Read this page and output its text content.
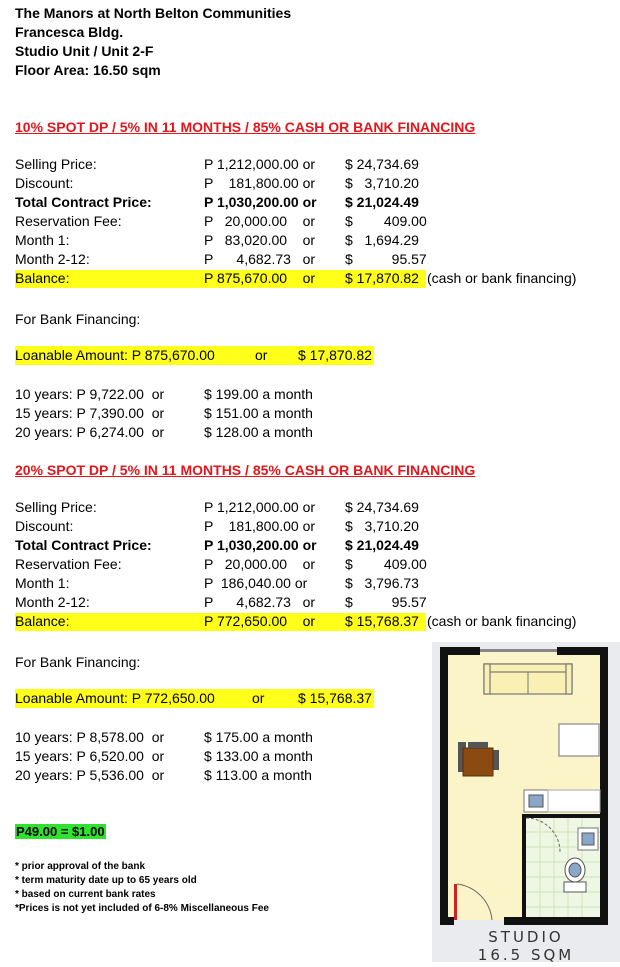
The Manors at North Belton Communities
Francesca Bldg.
Studio Unit / Unit 2-F
Floor Area: 16.50 sqm
10% SPOT DP / 5% IN 11 MONTHS / 85% CASH OR BANK FINANCING
Selling Price:	P 1,212,000.00 or $ 24,734.69
Discount:	P    181,800.00 or $   3,710.20
Total Contract Price:	P 1,030,200.00 or $ 21,024.49
Reservation Fee:	P   20,000.00    or $        409.00
Month 1:	P   83,020.00    or $   1,694.29
Month 2-12:	P      4,682.73   or $          95.57
Balance:	P 875,670.00    or $ 17,870.82 (cash or bank financing)
For Bank Financing:
Loanable Amount: P 875,670.00	or $ 17,870.82
10 years: P 9,722.00  or	$ 199.00 a month
15 years: P 7,390.00  or	$ 151.00 a month
20 years: P 6,274.00  or	$ 128.00 a month
20% SPOT DP / 5% IN 11 MONTHS / 85% CASH OR BANK FINANCING
Selling Price:	P 1,212,000.00 or $ 24,734.69
Discount:	P    181,800.00 or $   3,710.20
Total Contract Price:	P 1,030,200.00 or $ 21,024.49
Reservation Fee:	P   20,000.00    or $        409.00
Month 1:	P  186,040.00 or	$   3,796.73
Month 2-12:	P      4,682.73   or $          95.57
Balance:	P 772,650.00    or $ 15,768.37 (cash or bank financing)
For Bank Financing:
Loanable Amount: P 772,650.00	or $ 15,768.37
10 years: P 8,578.00  or	$ 175.00 a month
15 years: P 6,520.00  or	$ 133.00 a month
20 years: P 5,536.00  or	$ 113.00 a month
P49.00 = $1.00
* prior approval of the bank
* term maturity date up to 65 years old
* based on current bank rates
*Prices is not yet included of 6-8% Miscellaneous Fee
STUDIO
16.5 SQM
